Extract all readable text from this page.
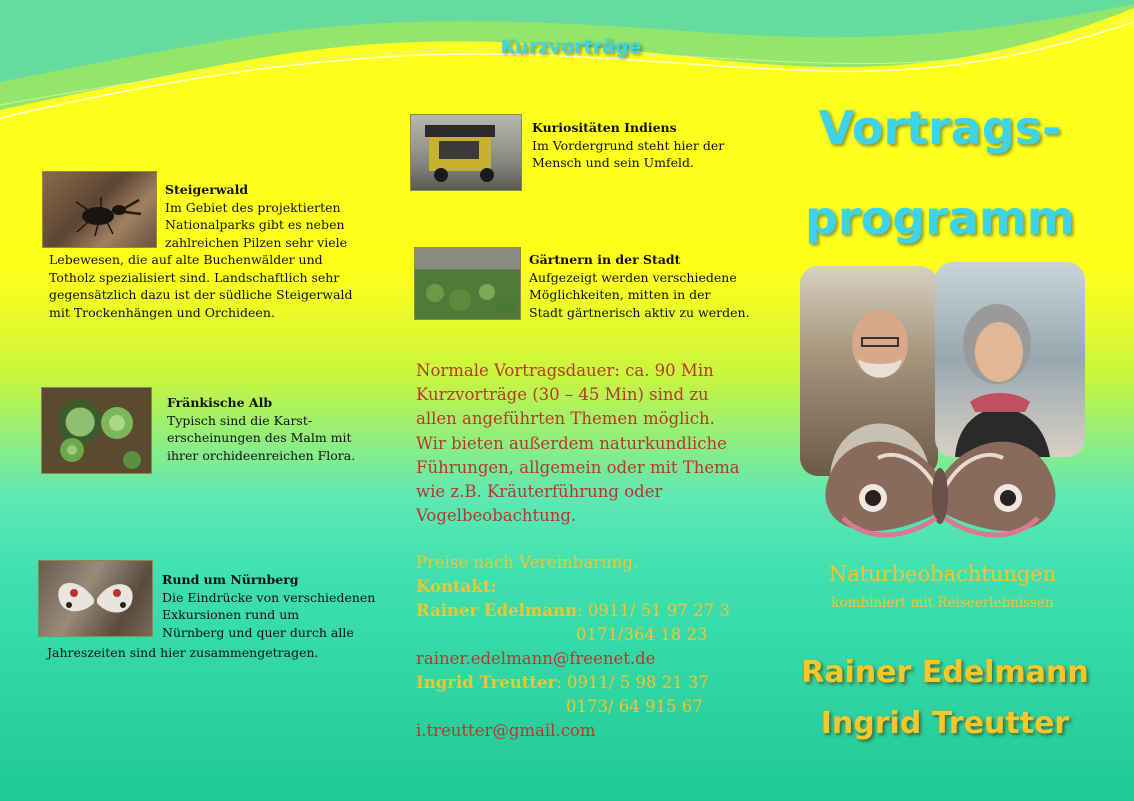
Kurzvorträge
Steigerwald
Im Gebiet des projektierten
Nationalparks gibt es neben
zahlreichen Pilzen sehr viele
Lebewesen, die auf alte Buchenwälder und
Totholz spezialisiert sind. Landschaftlich sehr
gegensätzlich dazu ist der südliche Steigerwald
mit Trockenhängen und Orchideen.
Fränkische Alb
Typisch sind die Karst-
erscheinungen des Malm mit
ihrer orchideenreichen Flora.
Rund um Nürnberg
Die Eindrücke von verschiedenen
Exkursionen rund um
Nürnberg und quer durch alle
Jahreszeiten sind hier zusammengetragen.
Kuriositäten Indiens
Im Vordergrund steht hier der
Mensch und sein Umfeld.
Gärtnern in der Stadt
Aufgezeigt werden verschiedene
Möglichkeiten, mitten in der
Stadt gärtnerisch aktiv zu werden.
Normale Vortragsdauer: ca. 90 Min
Kurzvorträge (30 – 45 Min) sind zu
allen angeführten Themen möglich.
Wir bieten außerdem naturkundliche
Führungen, allgemein oder mit Thema
wie z.B. Kräuterführung oder
Vogelbeobachtung.
Preise nach Vereinbarung.
Kontakt:
Rainer Edelmann: 0911/ 51 97 27 3
0171/364 18 23
rainer.edelmann@freenet.de
Ingrid Treutter: 0911/ 5 98 21 37
0173/ 64 915 67
i.treutter@gmail.com
Vortrags-
programm
Naturbeobachtungen
kombiniert mit Reiseerlebnissen
Rainer Edelmann
Ingrid Treutter
